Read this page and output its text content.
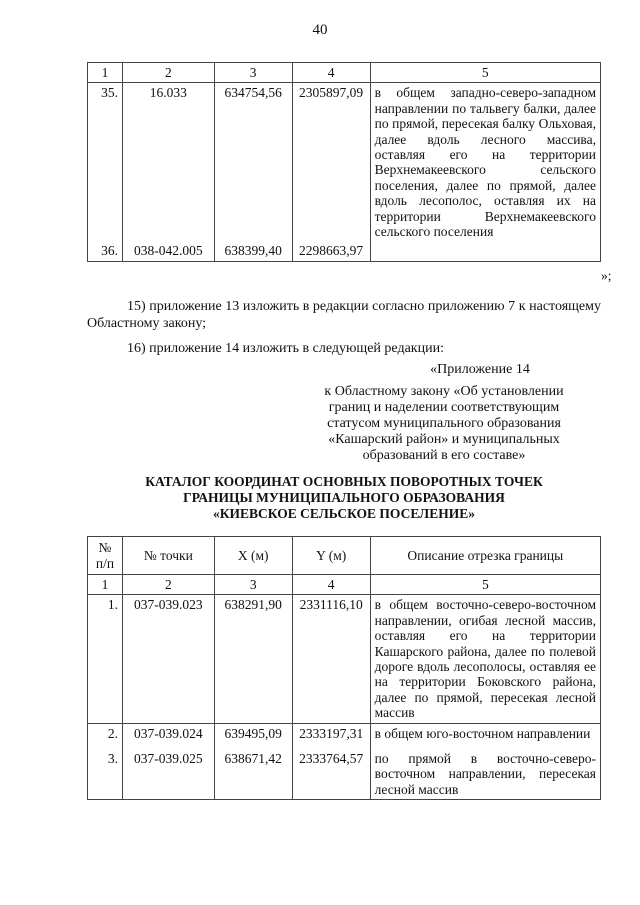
40
1	2	3	4	5
35.	16.033	634754,56	2305897,09	в общем западно-северо-западном направлении по тальвегу балки, далее по прямой, пересекая балку Ольховая, далее вдоль лесного массива, оставляя его на территории Верхнемакеевского сельского поселения, далее по прямой, далее вдоль лесополос, оставляя их на территории Верхнемакеевского сельского поселения
36.	038-042.005	638399,40	2298663,97	
»;
15) приложение 13 изложить в редакции согласно приложению 7 к настоящему Областному закону;
16) приложение 14 изложить в следующей редакции:
«Приложение 14
к Областному закону «Об установлении границ и наделении соответствующим статусом муниципального образования «Кашарский район» и муниципальных образований в его составе»
КАТАЛОГ КООРДИНАТ ОСНОВНЫХ ПОВОРОТНЫХ ТОЧЕК
ГРАНИЦЫ МУНИЦИПАЛЬНОГО ОБРАЗОВАНИЯ
«КИЕВСКОЕ СЕЛЬСКОЕ ПОСЕЛЕНИЕ»
№ п/п	№ точки	X (м)	Y (м)	Описание отрезка границы
1	2	3	4	5
1.	037-039.023	638291,90	2331116,10	в общем восточно-северо-восточном направлении, огибая лесной массив, оставляя его на территории Кашарского района, далее по полевой дороге вдоль лесополосы, оставляя ее на территории Боковского района, далее по прямой, пересекая лесной массив
2.	037-039.024	639495,09	2333197,31	в общем юго-восточном направлении
3.	037-039.025	638671,42	2333764,57	по прямой в восточно-северо-восточном направлении, пересекая лесной массив
